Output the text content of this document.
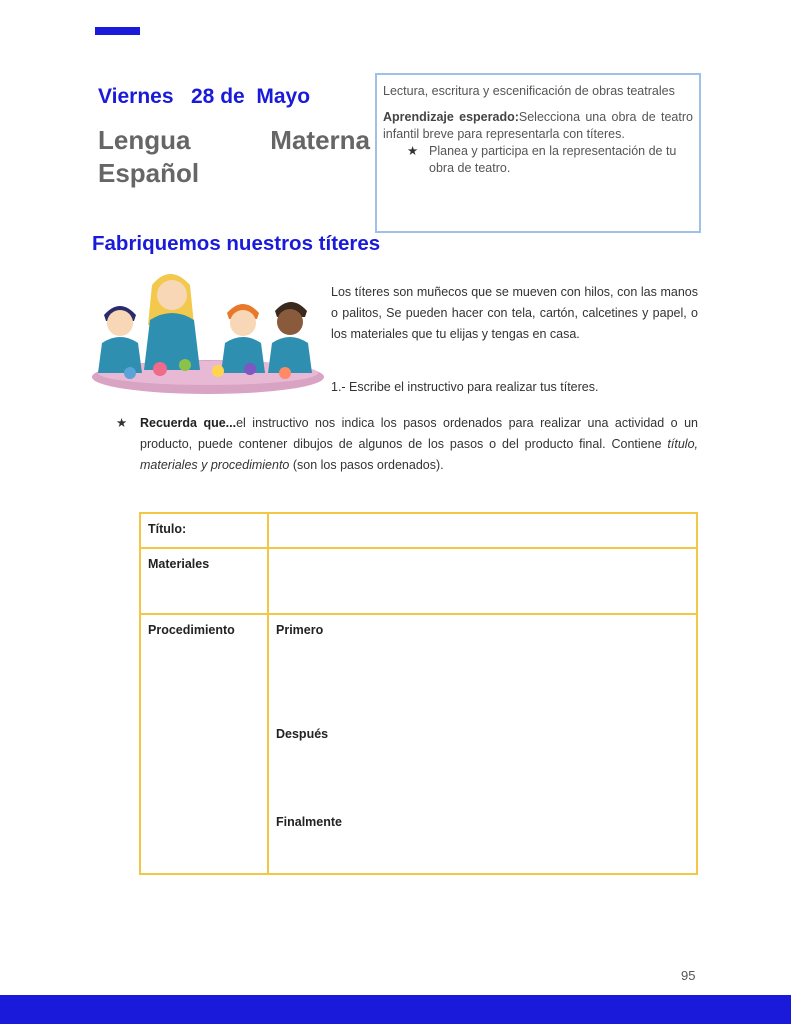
Viernes   28 de  Mayo
Lengua	Materna
Español

Lectura, escritura y escenificación de obras teatrales

Aprendizaje esperado:Selecciona una obra de teatro infantil breve para representarla con títeres.

★ Planea y participa en la representación de tu obra de teatro.
Fabriquemos nuestros títeres
Los títeres son muñecos que se mueven con hilos, con las manos o palitos, Se pueden hacer con tela, cartón, calcetines y papel, o los materiales que tu elijas y tengas en casa.
1.- Escribe el instructivo para realizar tus títeres.
★ Recuerda que...el instructivo nos indica los pasos ordenados para realizar una actividad o un producto, puede contener dibujos de algunos de los pasos o del producto final. Contiene título, materiales y procedimiento (son los pasos ordenados).
Título:	
Materiales	
Procedimiento	Primero
Después
Finalmente
95
